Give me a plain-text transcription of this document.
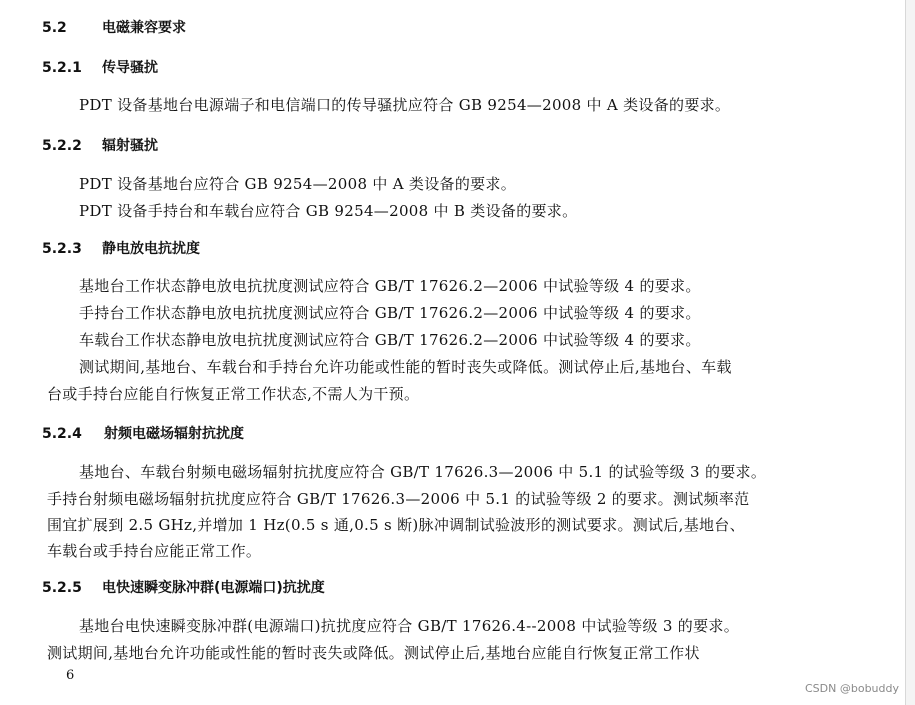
5.2	电磁兼容要求
5.2.1 传导骚扰
PDT 设备基地台电源端子和电信端口的传导骚扰应符合 GB 9254—2008 中 A 类设备的要求。
5.2.2 辐射骚扰
PDT 设备基地台应符合 GB 9254—2008 中 A 类设备的要求。
PDT 设备手持台和车载台应符合 GB 9254—2008 中 B 类设备的要求。
5.2.3 静电放电抗扰度
基地台工作状态静电放电抗扰度测试应符合 GB/T 17626.2—2006 中试验等级 4 的要求。
手持台工作状态静电放电抗扰度测试应符合 GB/T 17626.2—2006 中试验等级 4 的要求。
车载台工作状态静电放电抗扰度测试应符合 GB/T 17626.2—2006 中试验等级 4 的要求。
测试期间,基地台、车载台和手持台允许功能或性能的暂时丧失或降低。测试停止后,基地台、车载
台或手持台应能自行恢复正常工作状态,不需人为干预。
5.2.4 射频电磁场辐射抗扰度
基地台、车载台射频电磁场辐射抗扰度应符合 GB/T 17626.3—2006 中 5.1 的试验等级 3 的要求。
手持台射频电磁场辐射抗扰度应符合 GB/T 17626.3—2006 中 5.1 的试验等级 2 的要求。测试频率范
围宜扩展到 2.5 GHz,并增加 1 Hz(0.5 s 通,0.5 s 断)脉冲调制试验波形的测试要求。测试后,基地台、
车载台或手持台应能正常工作。
5.2.5 电快速瞬变脉冲群(电源端口)抗扰度
基地台电快速瞬变脉冲群(电源端口)抗扰度应符合 GB/T 17626.4--2008 中试验等级 3 的要求。
测试期间,基地台允许功能或性能的暂时丧失或降低。测试停止后,基地台应能自行恢复正常工作状
6
CSDN @bobuddy
